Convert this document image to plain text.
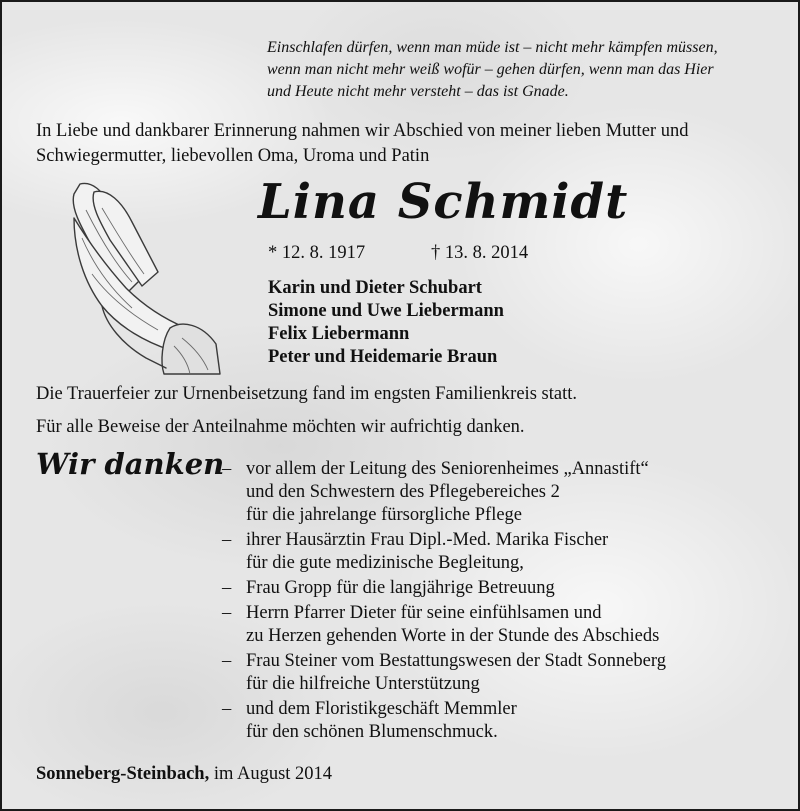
Einschlafen dürfen, wenn man müde ist – nicht mehr kämpfen müssen,
wenn man nicht mehr weiß wofür – gehen dürfen, wenn man das Hier
und Heute nicht mehr versteht – das ist Gnade.
In Liebe und dankbarer Erinnerung nahmen wir Abschied von meiner lieben Mutter und
Schwiegermutter, liebevollen Oma, Uroma und Patin
Lina Schmidt
* 12. 8. 1917	† 13. 8. 2014
Karin und Dieter Schubart
Simone und Uwe Liebermann
Felix Liebermann
Peter und Heidemarie Braun
Die Trauerfeier zur Urnenbeisetzung fand im engsten Familienkreis statt.
Für alle Beweise der Anteilnahme möchten wir aufrichtig danken.
Wir danken
– vor allem der Leitung des Seniorenheimes „Annastift“
und den Schwestern des Pflegebereiches 2
für die jahrelange fürsorgliche Pflege
– ihrer Hausärztin Frau Dipl.-Med. Marika Fischer
für die gute medizinische Begleitung,
– Frau Gropp für die langjährige Betreuung
– Herrn Pfarrer Dieter für seine einfühlsamen und
zu Herzen gehenden Worte in der Stunde des Abschieds
– Frau Steiner vom Bestattungswesen der Stadt Sonneberg
für die hilfreiche Unterstützung
– und dem Floristikgeschäft Memmler
für den schönen Blumenschmuck.
Sonneberg-Steinbach, im August 2014
